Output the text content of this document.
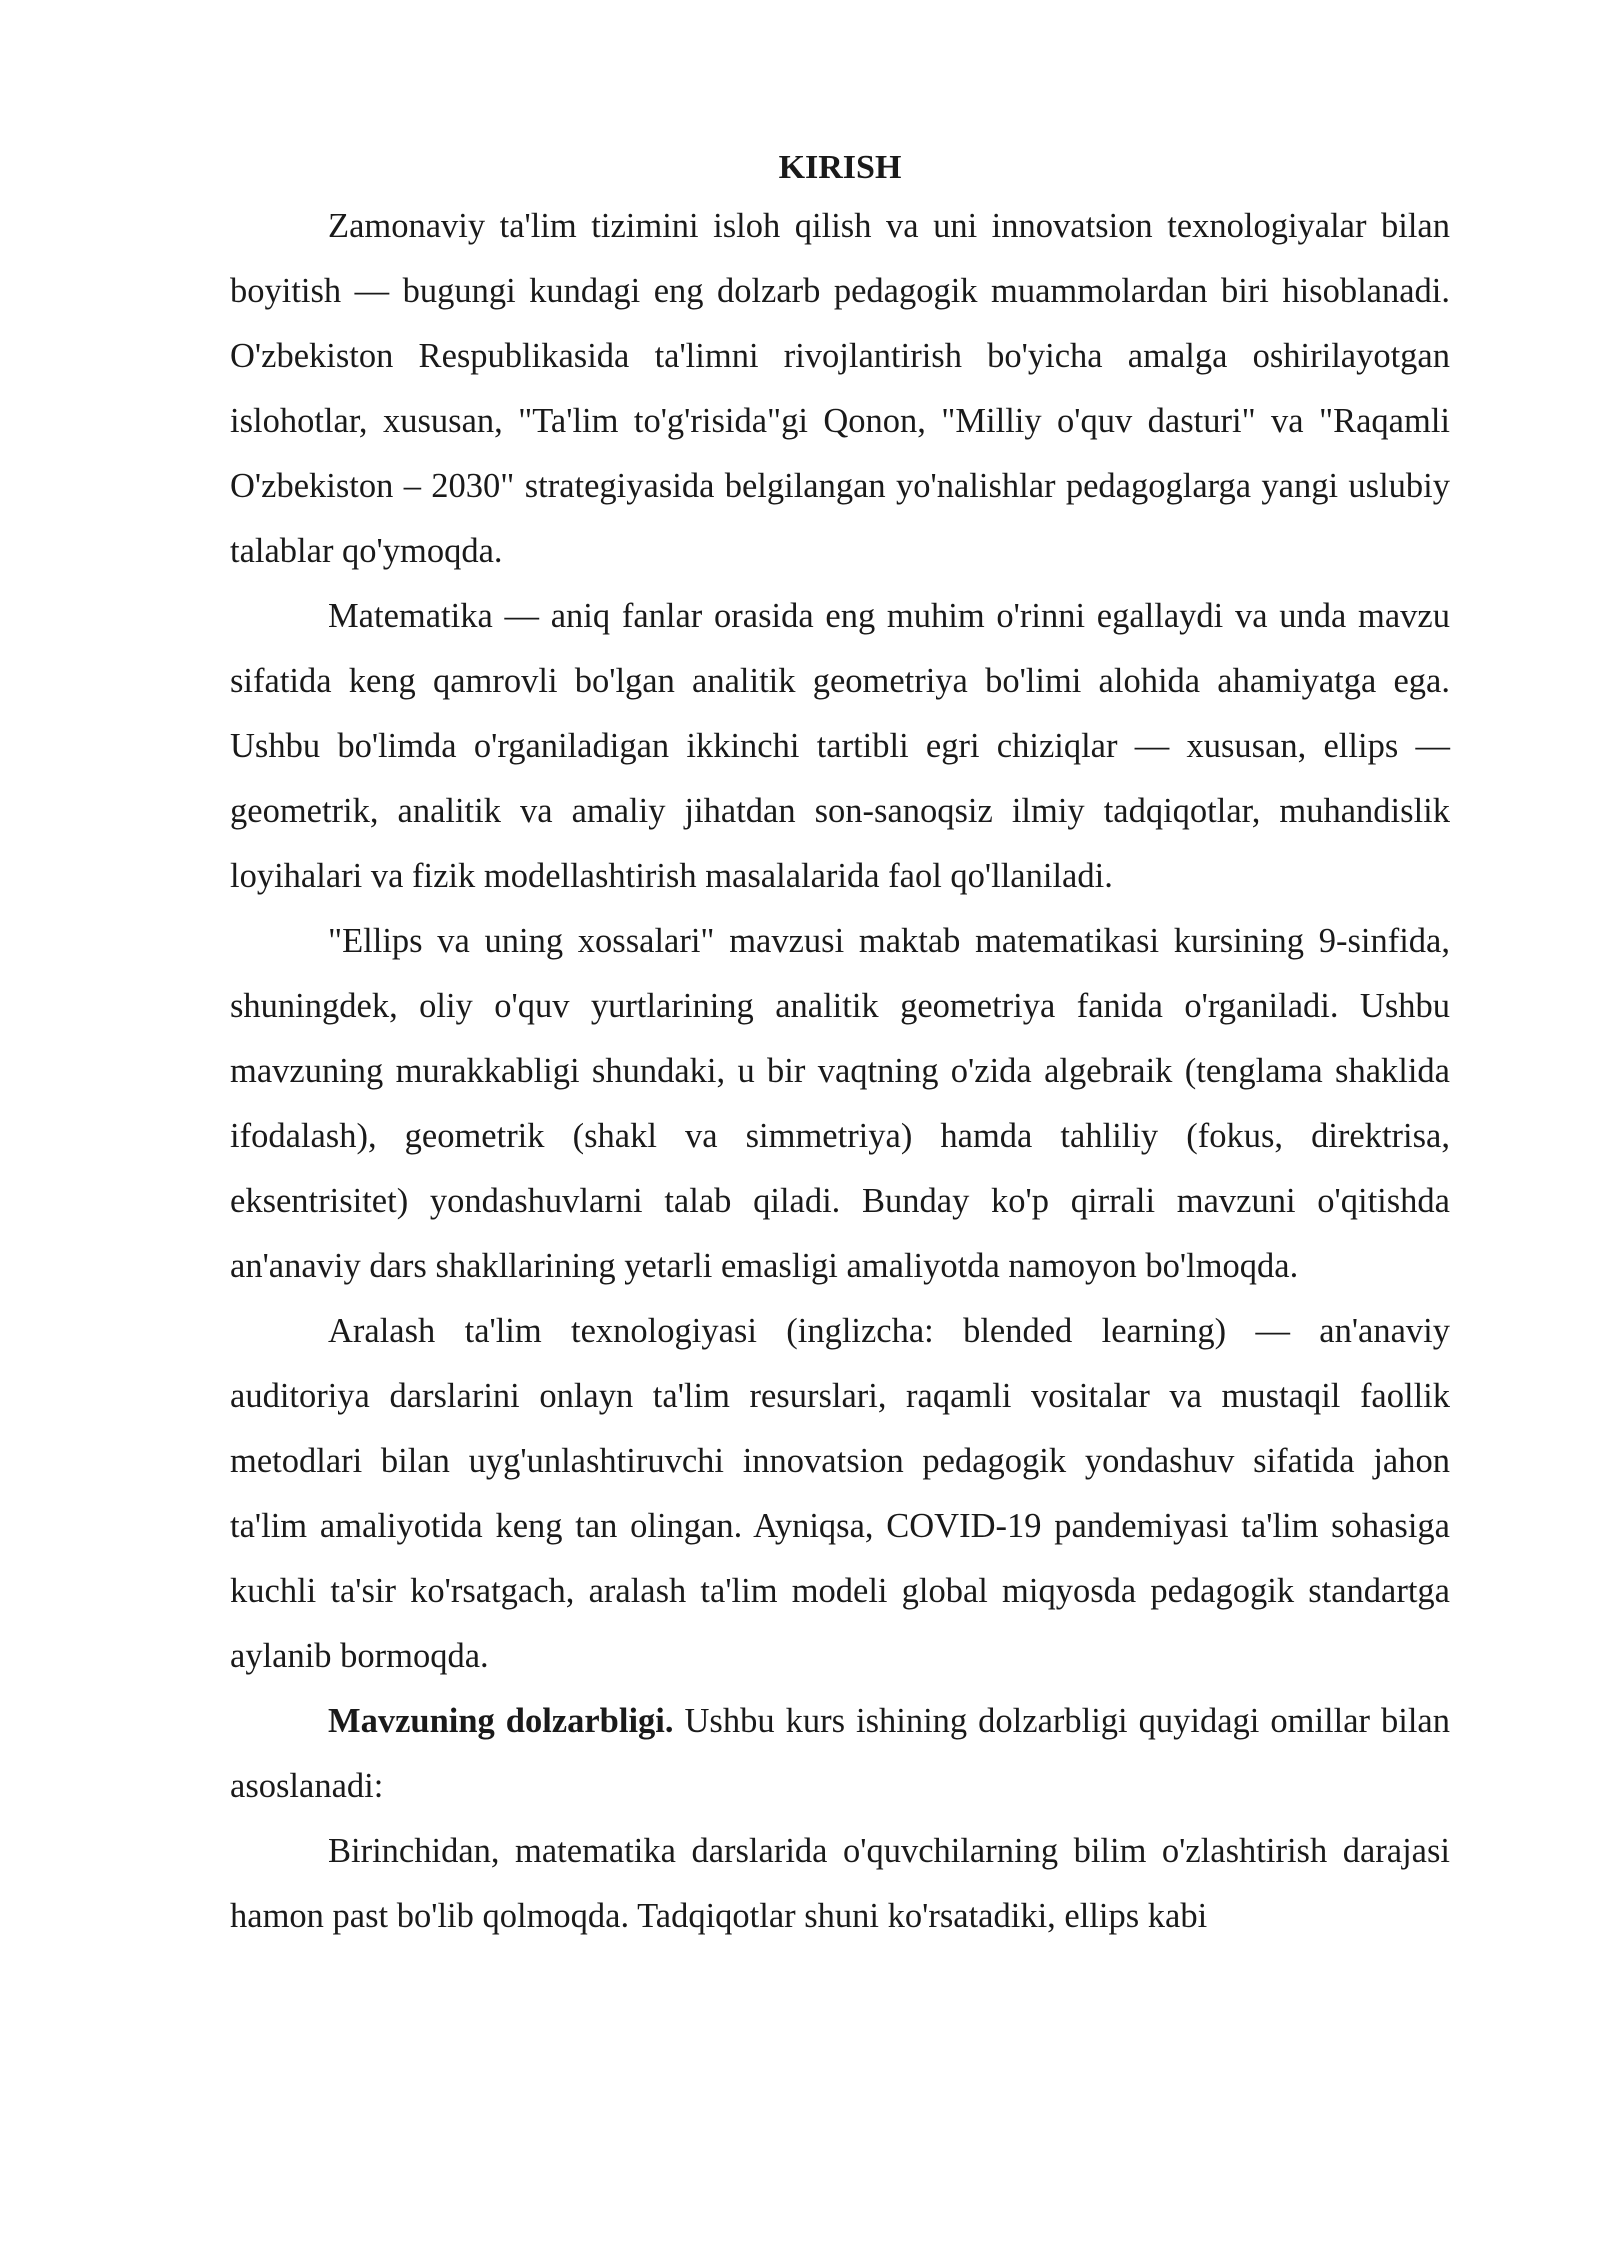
KIRISH

Zamonaviy ta'lim tizimini isloh qilish va uni innovatsion texnologiyalar bilan boyitish — bugungi kundagi eng dolzarb pedagogik muammolardan biri hisoblanadi. O'zbekiston Respublikasida ta'limni rivojlantirish bo'yicha amalga oshirilayotgan islohotlar, xususan, "Ta'lim to'g'risida"gi Qonon, "Milliy o'quv dasturi" va "Raqamli O'zbekiston – 2030" strategiyasida belgilangan yo'nalishlar pedagoglarga yangi uslubiy talablar qo'ymoqda.

Matematika — aniq fanlar orasida eng muhim o'rinni egallaydi va unda mavzu sifatida keng qamrovli bo'lgan analitik geometriya bo'limi alohida ahamiyatga ega. Ushbu bo'limda o'rganiladigan ikkinchi tartibli egri chiziqlar — xususan, ellips — geometrik, analitik va amaliy jihatdan son-sanoqsiz ilmiy tadqiqotlar, muhandislik loyihalari va fizik modellashtirish masalalarida faol qo'llaniladi.

"Ellips va uning xossalari" mavzusi maktab matematikasi kursining 9-sinfida, shuningdek, oliy o'quv yurtlarining analitik geometriya fanida o'rganiladi. Ushbu mavzuning murakkabligi shundaki, u bir vaqtning o'zida algebraik (tenglama shaklida ifodalash), geometrik (shakl va simmetriya) hamda tahliliy (fokus, direktrisa, eksentrisitet) yondashuvlarni talab qiladi. Bunday ko'p qirrali mavzuni o'qitishda an'anaviy dars shakllarining yetarli emasligi amaliyotda namoyon bo'lmoqda.

Aralash ta'lim texnologiyasi (inglizcha: blended learning) — an'anaviy auditoriya darslarini onlayn ta'lim resurslari, raqamli vositalar va mustaqil faollik metodlari bilan uyg'unlashtiruvchi innovatsion pedagogik yondashuv sifatida jahon ta'lim amaliyotida keng tan olingan. Ayniqsa, COVID-19 pandemiyasi ta'lim sohasiga kuchli ta'sir ko'rsatgach, aralash ta'lim modeli global miqyosda pedagogik standartga aylanib bormoqda.

Mavzuning dolzarbligi. Ushbu kurs ishining dolzarbligi quyidagi omillar bilan asoslanadi:

Birinchidan, matematika darslarida o'quvchilarning bilim o'zlashtirish darajasi hamon past bo'lib qolmoqda. Tadqiqotlar shuni ko'rsatadiki, ellips kabi
